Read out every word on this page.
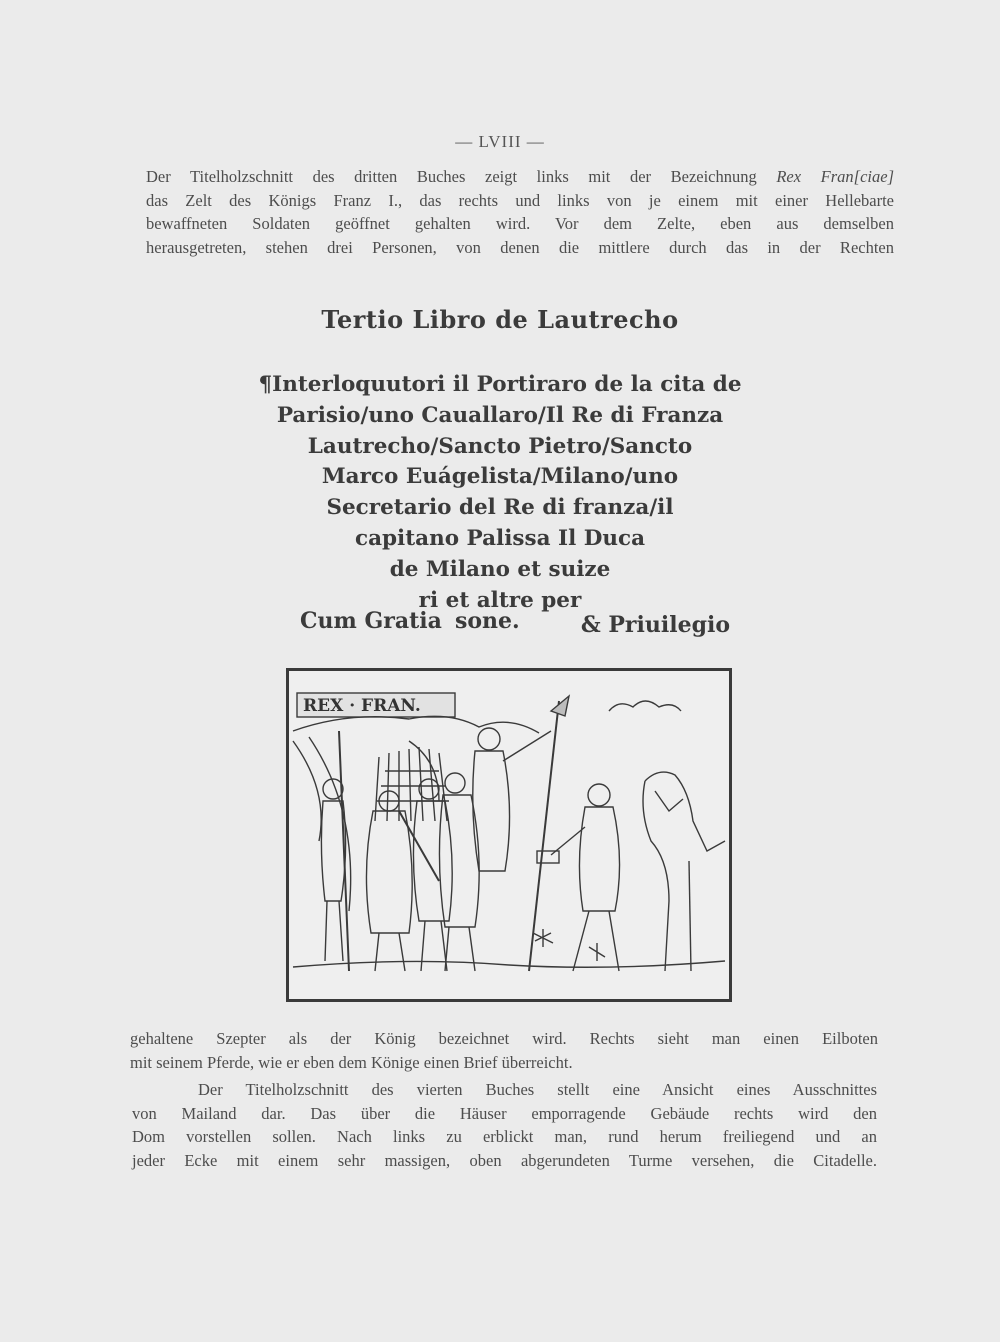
— LVIII —
Der Titelholzschnitt des dritten Buches zeigt links mit der Bezeichnung Rex Fran[ciae]
das Zelt des Königs Franz I., das rechts und links von je einem mit einer Hellebarte
bewaffneten Soldaten geöffnet gehalten wird. Vor dem Zelte, eben aus demselben
herausgetreten, stehen drei Personen, von denen die mittlere durch das in der Rechten
Tertio Libro de Lautrecho
¶Interloquutori il Portiraro de la cita de
Parisio/uno Cauallaro/Il Re di Franza
Lautrecho/Sancto Pietro/Sancto
Marco Euágelista/Milano/uno
Secretario del Re di franza/il
capitano Palissa Il Duca
de Milano et suize
ri et altre per
Cum Gratia sone.	& Priuilegio
REX · FRAN.
gehaltene Szepter als der König bezeichnet wird. Rechts sieht man einen Eilboten
mit seinem Pferde, wie er eben dem Könige einen Brief überreicht.
Der Titelholzschnitt des vierten Buches stellt eine Ansicht eines Ausschnittes
von Mailand dar. Das über die Häuser emporragende Gebäude rechts wird den
Dom vorstellen sollen. Nach links zu erblickt man, rund herum freiliegend und an
jeder Ecke mit einem sehr massigen, oben abgerundeten Turme versehen, die Citadelle.
